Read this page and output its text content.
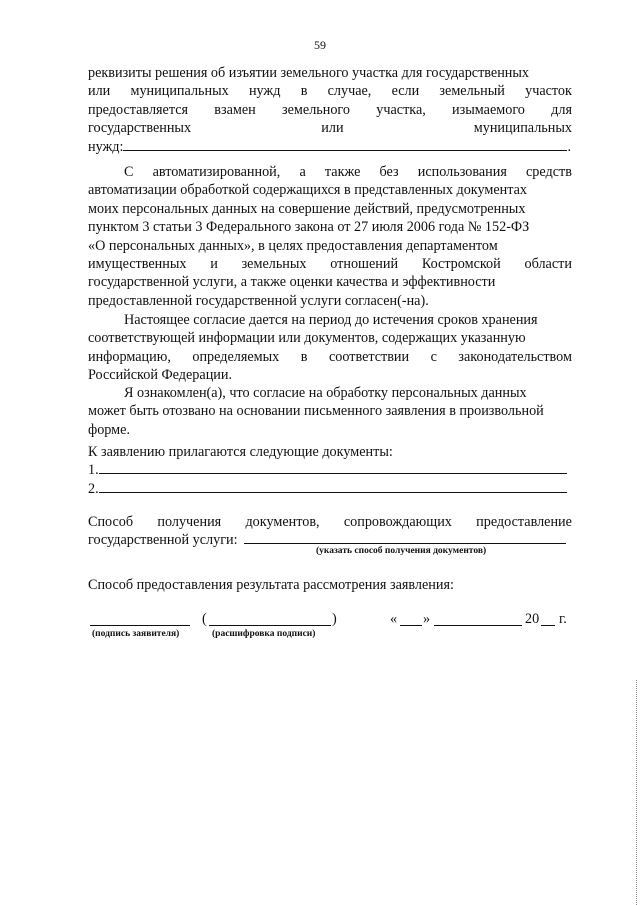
59
реквизиты решения об изъятии земельного участка для государственных
или муниципальных нужд в случае, если земельный участок
предоставляется взамен земельного участка, изымаемого для
государственных	или	муниципальных
нужд:	.
С автоматизированной, а также без использования средств
автоматизации обработкой содержащихся в представленных документах
моих персональных данных на совершение действий, предусмотренных
пунктом 3 статьи 3 Федерального закона от 27 июля 2006 года № 152-ФЗ
«О персональных данных», в целях предоставления департаментом
имущественных и земельных отношений Костромской области
государственной услуги, а также оценки качества и эффективности
предоставленной государственной услуги согласен(-на).
Настоящее согласие дается на период до истечения сроков хранения
соответствующей информации или документов, содержащих указанную
информацию, определяемых в соответствии с законодательством
Российской Федерации.
Я ознакомлен(а), что согласие на обработку персональных данных
может быть отозвано на основании письменного заявления в произвольной
форме.
К заявлению прилагаются следующие документы:
1.
2.
Способ получения документов, сопровождающих предоставление
государственной услуги:
(указать способ получения документов)
Способ предоставления результата рассмотрения заявления:
(	)	« »	20 г.
(подпись заявителя)	(расшифровка подписи)
